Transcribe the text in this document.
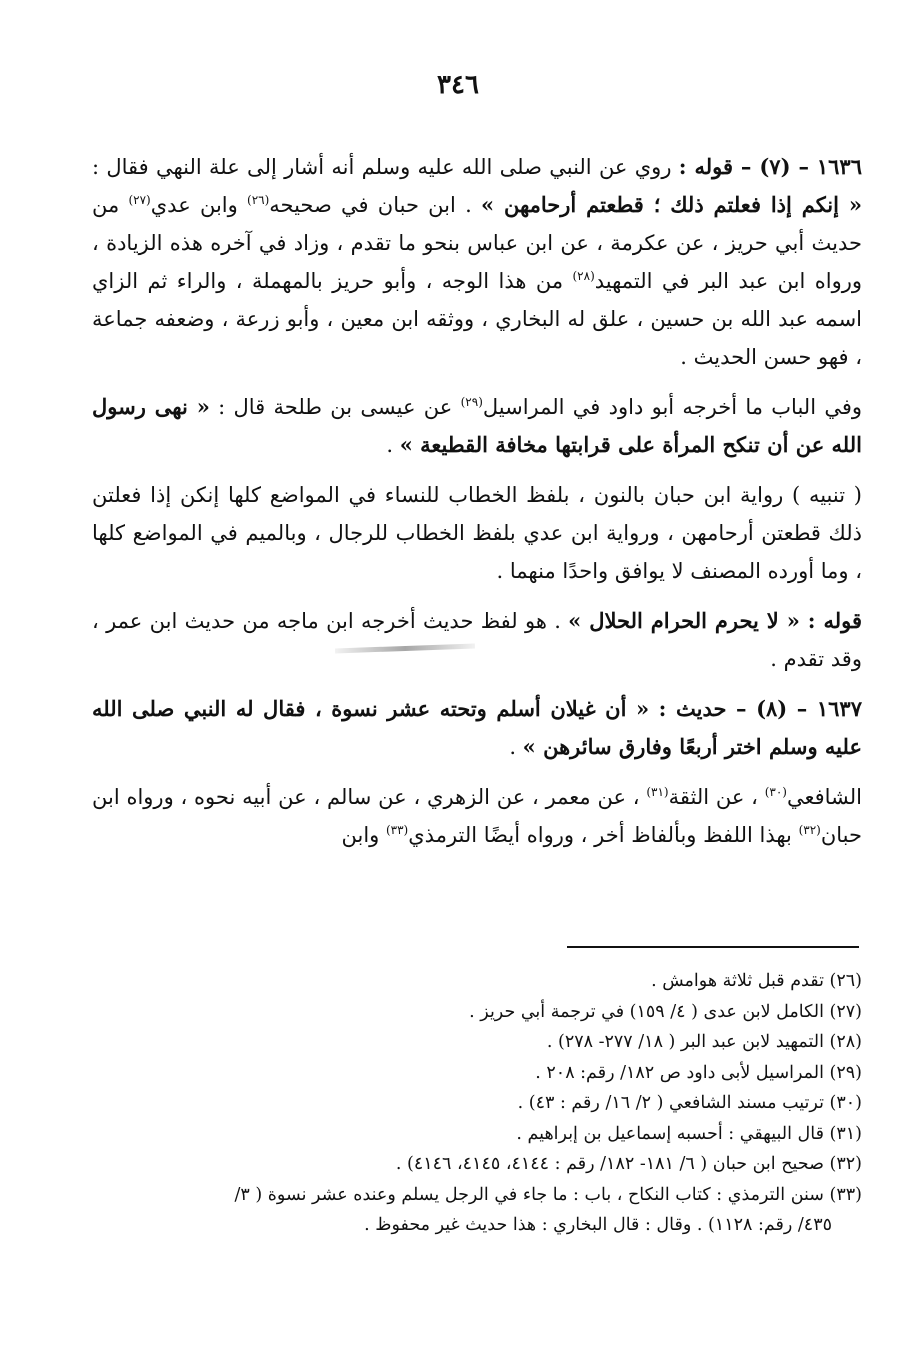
٣٤٦

١٦٣٦ – (٧) – قوله : روي عن النبي صلى الله عليه وسلم أنه أشار إلى علة النهي فقال : « إنكم إذا فعلتم ذلك ؛ قطعتم أرحامهن » . ابن حبان في صحيحه$^{(٢٦)}$ وابن عدي$^{(٢٧)}$ من حديث أبي حريز ، عن عكرمة ، عن ابن عباس بنحو ما تقدم ، وزاد في آخره هذه الزيادة ، ورواه ابن عبد البر في التمهيد$^{(٢٨)}$ من هذا الوجه ، وأبو حريز بالمهملة ، والراء ثم الزاي اسمه عبد الله بن حسين ، علق له البخاري ، ووثقه ابن معين ، وأبو زرعة ، وضعفه جماعة ، فهو حسن الحديث .

وفي الباب ما أخرجه أبو داود في المراسيل$^{(٢٩)}$ عن عيسى بن طلحة قال : « نهى رسول الله عن أن تنكح المرأة على قرابتها مخافة القطيعة » .

( تنبيه ) رواية ابن حبان بالنون ، بلفظ الخطاب للنساء في المواضع كلها إنكن إذا فعلتن ذلك قطعتن أرحامهن ، ورواية ابن عدي بلفظ الخطاب للرجال ، وبالميم في المواضع كلها ، وما أورده المصنف لا يوافق واحدًا منهما .

قوله : « لا يحرم الحرام الحلال » . هو لفظ حديث أخرجه ابن ماجه من حديث ابن عمر ، وقد تقدم .

١٦٣٧ – (٨) – حديث : « أن غيلان أسلم وتحته عشر نسوة ، فقال له النبي صلى الله عليه وسلم اختر أربعًا وفارق سائرهن » .

الشافعي$^{(٣٠)}$ ، عن الثقة$^{(٣١)}$ ، عن معمر ، عن الزهري ، عن سالم ، عن أبيه نحوه ، ورواه ابن حبان$^{(٣٢)}$ بهذا اللفظ وبألفاظ أخر ، ورواه أيضًا الترمذي$^{(٣٣)}$ وابن

(٢٦) تقدم قبل ثلاثة هوامش .
(٢٧) الكامل لابن عدى ( ٤/ ١٥٩) في ترجمة أبي حريز .
(٢٨) التمهيد لابن عبد البر ( ١٨/ ٢٧٧- ٢٧٨) .
(٢٩) المراسيل لأبى داود ص ١٨٢/ رقم: ٢٠٨ .
(٣٠) ترتيب مسند الشافعي ( ٢/ ١٦/ رقم : ٤٣) .
(٣١) قال البيهقي : أحسبه إسماعيل بن إبراهيم .
(٣٢) صحيح ابن حبان ( ٦/ ١٨١- ١٨٢/ رقم : ٤١٤٤، ٤١٤٥، ٤١٤٦) .
(٣٣) سنن الترمذي : كتاب النكاح ، باب : ما جاء في الرجل يسلم وعنده عشر نسوة ( ٣/
٤٣٥/ رقم: ١١٢٨) . وقال : قال البخاري : هذا حديث غير محفوظ .
